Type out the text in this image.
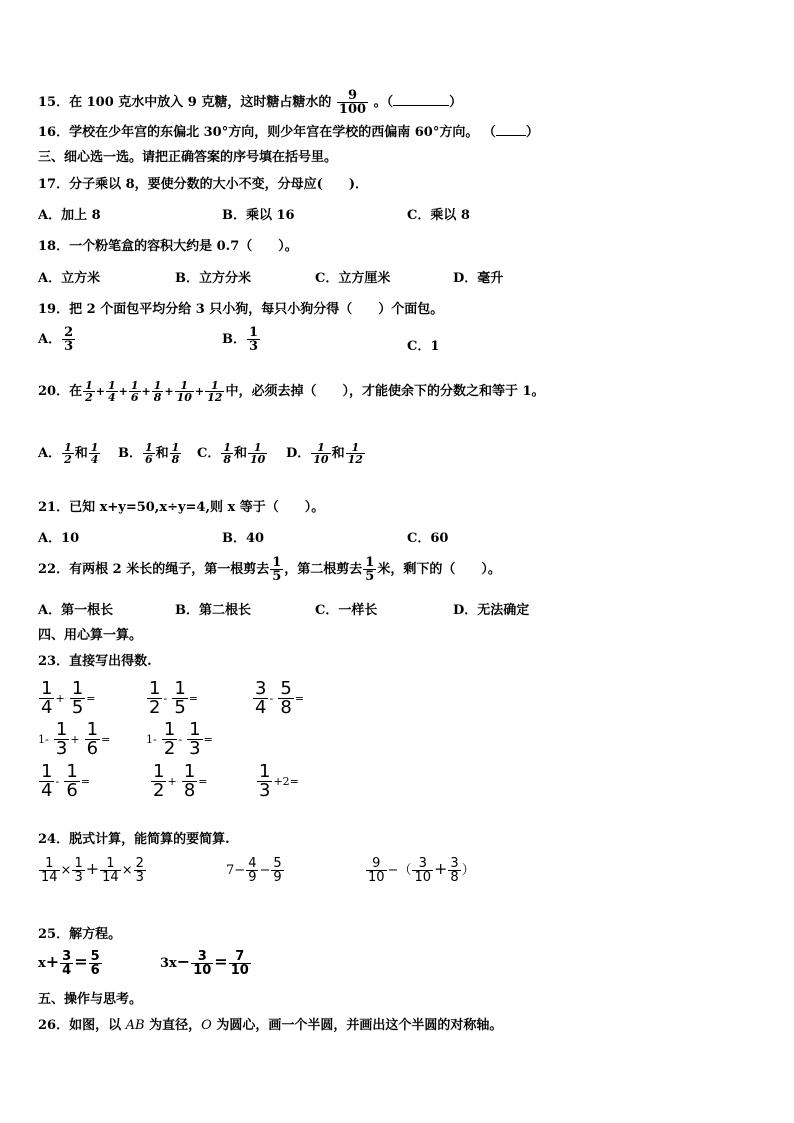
15．在 100 克水中放入 9 克糖，这时糖占糖水的 $\frac{9}{100}$ 。（	）
16．学校在少年宫的东偏北 30°方向，则少年宫在学校的西偏南 60°方向。 （ ）
三、细心选一选。请把正确答案的序号填在括号里。
17．分子乘以 8，要使分数的大小不变，分母应(　　)．
A．加上 8	B．乘以 16	C．乘以 8
18．一个粉笔盒的容积大约是 0.7（　　）。
A．立方米	B．立方分米	C．立方厘米	D．毫升
19．把 2 个面包平均分给 3 只小狗，每只小狗分得（　　）个面包。
A． $\frac{2}{3}$	B． $\frac{1}{3}$	C．1
20．在 $\frac{1}{2} + \frac{1}{4} + \frac{1}{6} + \frac{1}{8} + \frac{1}{10} + \frac{1}{12}$ 中，必须去掉（　　），才能使余下的分数之和等于 1。
A． $\frac{1}{2}$ 和 $\frac{1}{4}$ B． $\frac{1}{6}$ 和 $\frac{1}{8}$ C． $\frac{1}{8}$ 和 $\frac{1}{10}$ D． $\frac{1}{10}$ 和 $\frac{1}{12}$
21．已知 x+y=50,x÷y=4,则 x 等于（　　）。
A．10	B．40	C．60
22．有两根 2 米长的绳子，第一根剪去 $\frac{1}{5}$ ，第二根剪去 $\frac{1}{5}$ 米，剩下的（　　）。
A．第一根长	B．第二根长	C．一样长	D．无法确定
四、用心算一算。
23．直接写出得数.
$\frac{1}{4} + \frac{1}{5}$ =	$\frac{1}{2} - \frac{1}{5}$ =	$\frac{3}{4} - \frac{5}{8}$ =
$1- \frac{1}{3} + \frac{1}{6}$ =	$1- \frac{1}{2} - \frac{1}{3}$ =
$\frac{1}{4} - \frac{1}{6}$ =	$\frac{1}{2} + \frac{1}{8}$ =	$\frac{1}{3} +2=$
24．脱式计算，能简算的要简算.
$\frac{1}{14} \times \frac{1}{3} + \frac{1}{14} \times \frac{2}{3}$	$7- \frac{4}{9} - \frac{5}{9}$	$\frac{9}{10}$ −（ $\frac{3}{10} + \frac{3}{8}$ ）
25．解方程。
$x+ \frac{3}{4} = \frac{5}{6}$	$3x- \frac{3}{10} = \frac{7}{10}$
五、操作与思考。
26．如图，以 AB 为直径，O 为圆心，画一个半圆，并画出这个半圆的对称轴。
